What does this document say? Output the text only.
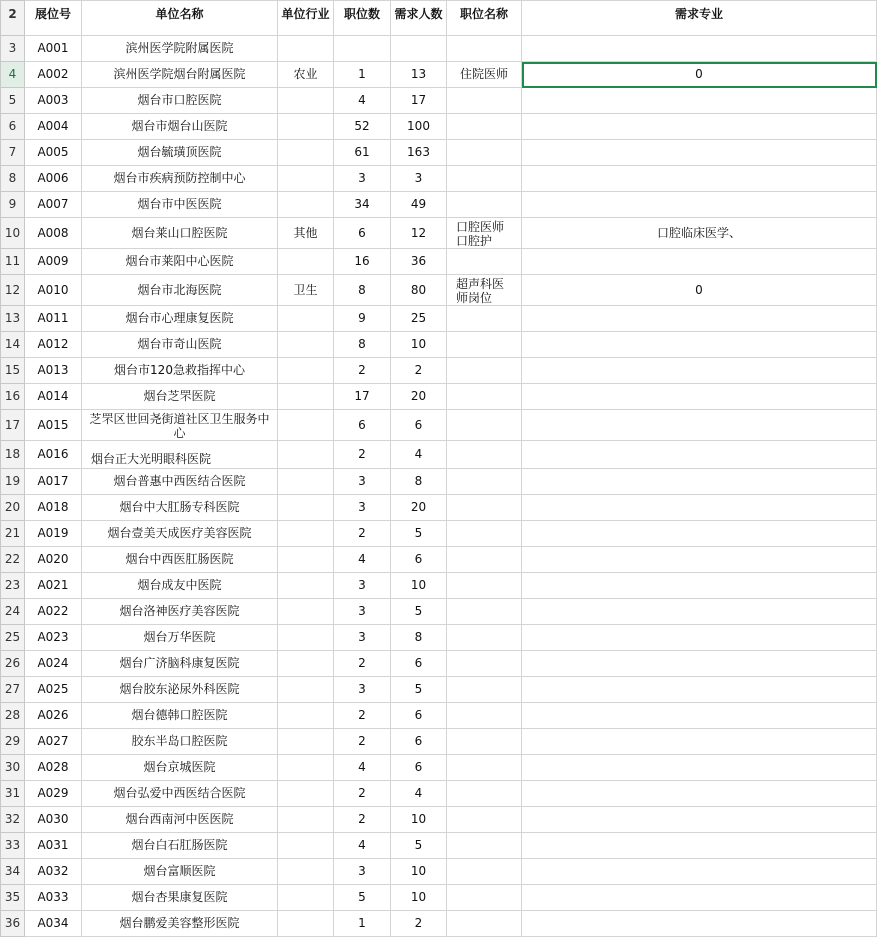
2	展位号	单位名称	单位行业	职位数	需求人数	职位名称	需求专业
3	A001	滨州医学院附属医院					
4	A002	滨州医学院烟台附属医院	农业	1	13	住院医师	0
5	A003	烟台市口腔医院		4	17		
6	A004	烟台市烟台山医院		52	100		
7	A005	烟台毓璜顶医院		61	163		
8	A006	烟台市疾病预防控制中心		3	3		
9	A007	烟台市中医医院		34	49		
10	A008	烟台莱山口腔医院	其他	6	12	口腔医师 口腔护	口腔临床医学、
11	A009	烟台市莱阳中心医院		16	36		
12	A010	烟台市北海医院	卫生	8	80	超声科医 师岗位	0
13	A011	烟台市心理康复医院		9	25		
14	A012	烟台市奇山医院		8	10		
15	A013	烟台市120急救指挥中心		2	2		
16	A014	烟台芝罘医院		17	20		
17	A015	芝罘区世回尧街道社区卫生服务中心		6	6		
18	A016	烟台正大光明眼科医院		2	4		
19	A017	烟台普惠中西医结合医院		3	8		
20	A018	烟台中大肛肠专科医院		3	20		
21	A019	烟台壹美天成医疗美容医院		2	5		
22	A020	烟台中西医肛肠医院		4	6		
23	A021	烟台成友中医院		3	10		
24	A022	烟台洛神医疗美容医院		3	5		
25	A023	烟台万华医院		3	8		
26	A024	烟台广济脑科康复医院		2	6		
27	A025	烟台胶东泌尿外科医院		3	5		
28	A026	烟台德韩口腔医院		2	6		
29	A027	胶东半岛口腔医院		2	6		
30	A028	烟台京城医院		4	6		
31	A029	烟台弘爱中西医结合医院		2	4		
32	A030	烟台西南河中医医院		2	10		
33	A031	烟台白石肛肠医院		4	5		
34	A032	烟台富顺医院		3	10		
35	A033	烟台杏果康复医院		5	10		
36	A034	烟台鹏爱美容整形医院		1	2		
